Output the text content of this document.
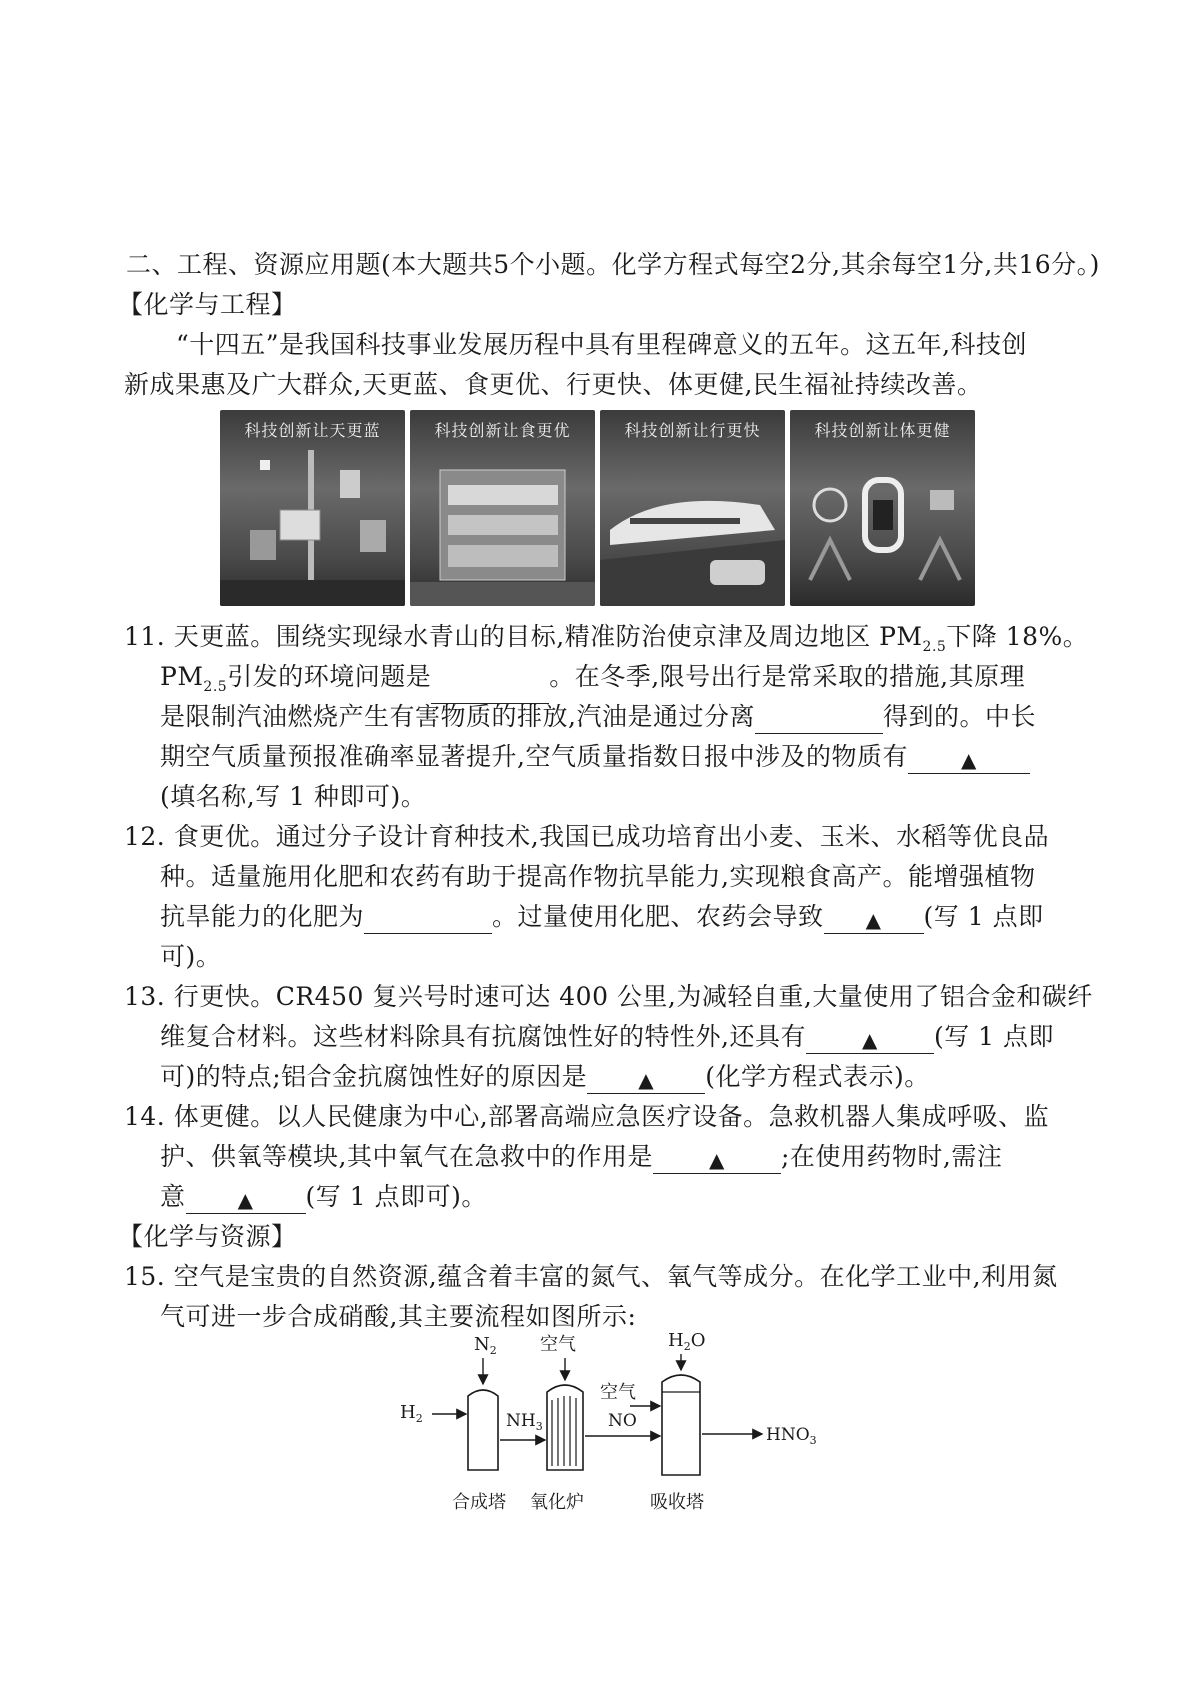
二、工程、资源应用题(本大题共5个小题。化学方程式每空2分,其余每空1分,共16分。)
【化学与工程】
“十四五”是我国科技事业发展历程中具有里程碑意义的五年。这五年,科技创
新成果惠及广大群众,天更蓝、食更优、行更快、体更健,民生福祉持续改善。
科技创新让天更蓝	科技创新让食更优	科技创新让行更快	科技创新让体更健
11. 天更蓝。围绕实现绿水青山的目标,精准防治使京津及周边地区 $PM_{2.5}$下降 18%。
$PM_{2.5}$引发的环境问题是	。在冬季,限号出行是常采取的措施,其原理
是限制汽油燃烧产生有害物质的排放,汽油是通过分离	得到的。中长
期空气质量预报准确率显著提升,空气质量指数日报中涉及的物质有	▲
(填名称,写 1 种即可)。
12. 食更优。通过分子设计育种技术,我国已成功培育出小麦、玉米、水稻等优良品
种。适量施用化肥和农药有助于提高作物抗旱能力,实现粮食高产。能增强植物
抗旱能力的化肥为	。过量使用化肥、农药会导致 ▲ (写 1 点即
可)。
13. 行更快。CR450 复兴号时速可达 400 公里,为减轻自重,大量使用了铝合金和碳纤
维复合材料。这些材料除具有抗腐蚀性好的特性外,还具有	▲ (写 1 点即
可)的特点;铝合金抗腐蚀性好的原因是	▲ (化学方程式表示)。
14. 体更健。以人民健康为中心,部署高端应急医疗设备。急救机器人集成呼吸、监
护、供氧等模块,其中氧气在急救中的作用是	▲ ;在使用药物时,需注
意	▲ (写 1 点即可)。
【化学与资源】
15. 空气是宝贵的自然资源,蕴含着丰富的氮气、氧气等成分。在化学工业中,利用氮
气可进一步合成硝酸,其主要流程如图所示:
$N_2$
$H_2$
空气
$NH_3$
$H_2O$
空气
NO
$HNO_3$
合成塔 氧化炉	吸收塔
